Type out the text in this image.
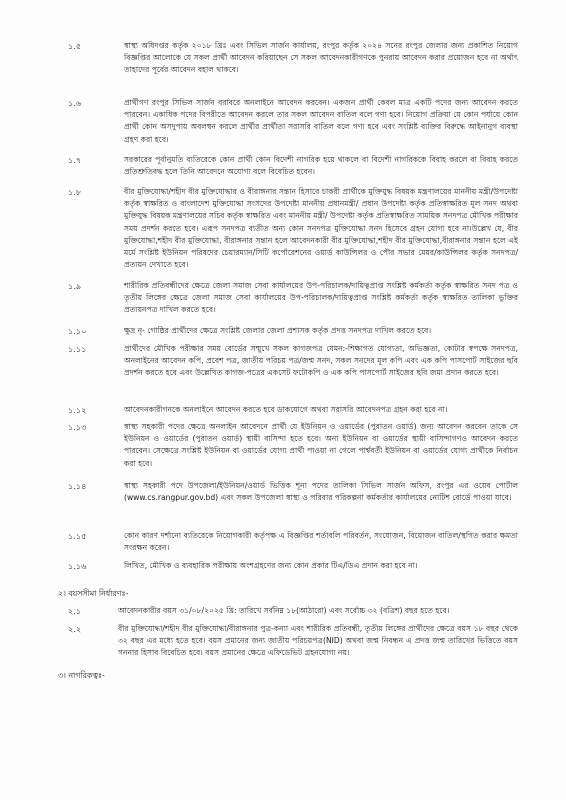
১.৫	স্বাস্থ্য অধিদপ্তর কর্তৃক ২০১৮ খ্রিঃ এবং সিভিল সার্জন কার্যালয়, রংপুর কর্তৃক ২০২৪ সনের রংপুর জেলার জন্য প্রকাশিত নিয়োগ বিজ্ঞপ্তির আলোকে যে সকল প্রার্থী আবেদন করিয়াছেন সে সকল আবেদনকারীগণকে পুনরায় আবেদন করার প্রয়োজন হবে না অর্থাৎ তাহাদের পূর্বের আবেদন বহাল থাকবে।
১.৬	প্রার্থীগণ রংপুর সিভিল সার্জন বরাবরে অনলাইনে আবেদন করবেন। একজন প্রার্থী কেবল মাত্র একটি পদের জন্য আবেদন করতে পারবেন। একাধিক পদের বিপরীতে আবেদন করলে তার সকল আবেদন বাতিল বলে গণ্য হবে। নিয়োগ প্রক্রিয়া যে কোন পর্যায়ে কোন প্রার্থী কোন অসদুপায় অবলম্বন করলে প্রার্থীর প্রার্থীতা সরাসরি বাতিল বলে গণ্য হবে এবং সংশ্লিষ্ট ব্যক্তির বিরুদ্ধে আইনানুগ ব্যবস্থা গ্রহণ করা হবে।
১.৭	সরকারের পূর্বানুমতি ব্যতিরেকে কোন প্রার্থী কোন বিদেশী নাগরিক হয়ে থাকলে বা বিদেশী নাগরিককে বিবাহ করলে বা বিবাহ করতে প্রতিশ্রুতিবদ্ধ হলে তিনি আবেদনে অযোগ্য বলে বিবেচিত হবেন।
১.৮	বীর মুক্তিযোদ্ধা/শহীদ বীর মুক্তিযোদ্ধার ও বীরাঙ্গনার সন্তান হিসাবে চাকরী প্রার্থীকে মুক্তিযুদ্ধ বিষয়ক মন্ত্রণালয়ের মাননীয় মন্ত্রী/উপদেষ্টা কর্তৃক স্বাক্ষরিত ও বাংলাদেশ মুক্তিযোদ্ধা সংসদের উপদেষ্টা মাননীয় প্রধানমন্ত্রী/ প্রধান উপদেষ্টা কর্তৃক প্রতিস্বাক্ষরিত মূল সনদ অথবা মুক্তিযুদ্ধ বিষয়ক মন্ত্রণালয়ের সচিব কর্তৃক স্বাক্ষরিত এবং মাননীয় মন্ত্রী/ উপদেষ্টা কর্তৃক প্রতিস্বাক্ষরিত সাময়িক সনদপত্র মৌখিক পরীক্ষার সময় প্রদর্শন করতে হবে। এরূপ সনদপত্র ব্যতীত অন্য কোন সনদপত্র মুক্তিযোদ্ধা সনদ হিসেবে গ্রহন যোগ্য হবে না।উল্লেখ যে, বীর মুক্তিযোদ্ধা,শহীদ বীর মুক্তিযোদ্ধা, বীরাঙ্গনার সন্তান হলে আবেদনকারী বীর মুক্তিযোদ্ধা,শহীদ বীর মুক্তিযোদ্ধা,বীরাঙ্গনার সন্তান হলে এই মর্মে সংশ্লিষ্ট ইউনিয়ন পরিষদের চেয়ারম্যান/সিটি কর্পোরেশনের ওয়ার্ড কাউন্সিলর ও পৌর সভার মেয়র/কাউন্সিলর কর্তৃক সনদপত্র/প্রত্যয়ন দেখাতে হবে।
১.৯	শারীরিক প্রতিবন্ধীদের ক্ষেত্রে জেলা সমাজ সেবা কার্যালয়ের উপ-পরিচালক/দায়িত্বপ্রাপ্ত সংশ্লিষ্ট কর্মকর্তা কর্তৃক স্বাক্ষরিত সনদ পত্র ও তৃতীয় লিঙ্গের ক্ষেত্রে জেলা সমাজ সেবা কার্যালয়ের উপ-পরিচালক/দায়িত্বপ্রাপ্ত সংশ্লিষ্ট কর্মকর্তা কর্তৃক স্বাক্ষরিত তালিকা ভুক্তির প্রত্যয়নপত্র দাখিল করতে হবে।
১.১০	ক্ষুদ্র নৃ- গোষ্ঠির প্রার্থীদের ক্ষেত্রে সংশ্লিষ্ট জেলার জেলা প্রশাসক কর্তৃক প্রদত্ত সনদপত্র দাখিল করতে হবে।
১.১১	প্রার্থীদের মৌখিক পরীক্ষার সময় বোর্ডের সম্মুখে সকল কাগজপত্র যেমন:-শিক্ষাগত যোগ্যতা, অভিজ্ঞতা, কোটার স্বপক্ষে সনদপত্র, অনলাইনের আবেদন কপি, প্রবেশ পত্র, জাতীয় পরিচয় পত্র/জন্ম সনদ, সকল সনদের মূল কপি এবং এক কপি পাসপোর্ট সাইজের ছবি প্রদর্শন করতে হবে এবং উল্লেখিত কাগজ-পত্রের একসেট ফটোকপি ও এক কপি পাসপোর্ট সাইজের ছবি জমা প্রদান করতে হবে।
১.১২	আবেদনকারীগনকে অনলাইনে আবেদন করতে হবে ডাকযোগে অথবা সরাসরি আবেদনপত্র গ্রহন করা হবে না।
১.১৩	স্বাস্থ্য সহকারী পদের ক্ষেত্রে অনলাইন আবেদনে প্রার্থী যে ইউনিয়ন ও ওয়ার্ডের (পুরাতন ওয়ার্ড) জন্য আবেদন করবেন তাকে সে ইউনিয়ন ও ওয়ার্ডের (পুরাতন ওয়ার্ড) স্থায়ী বাসিন্দা হতে হবে। অন্য ইউনিয়ন বা ওয়ার্ডের স্থায়ী বাসিন্দাগণও আবেদন করতে পারবেন। সেক্ষেত্রে সংশ্লিষ্ট ইউনিয়ন বা ওয়ার্ডের যোগ্য প্রার্থী পাওয়া না গেলে পার্শ্ববর্তী ইউনিয়ন বা ওয়ার্ডের যোগ্য প্রার্থীকে নির্বাচন করা হবে।
১.১৪	স্বাস্থ্য সহকারী পদে উপজেলা/ইউনিয়ন/ওয়ার্ড ভিত্তিক শূন্য পদের তালিকা সিভিল সার্জন অফিস, রংপুর এর ওয়েব পোর্টাল (www.cs.rangpur.gov.bd) এবং সকল উপজেলা স্বাস্থ্য ও পরিবার পরিকল্পনা কর্মকর্তার কার্যালয়ের নোটিশ বোর্ডে পাওয়া যাবে।
১.১৫	কোন কারণ দর্শানো ব্যতিরেকে নিয়োগকারী কর্তৃপক্ষ এ বিজ্ঞপ্তির শর্তাবলি পরিবর্তন, সংযোজন, বিয়োজন বাতিল/স্থগিত করার ক্ষমতা সংরক্ষন করেন।
১.১৬	লিখিত, মৌখিক ও ব্যবহারিক পরীক্ষায় অংশগ্রহণের জন্য কোন প্রকার টিএ/ডিএ প্রদান করা হবে না।
২। বয়সসীমা নির্ধারণঃ-
২.১	আবেদনকারীর বয়স ৩১/০৮/২০২৫ খ্রি: তারিখে সর্বনিম্ন ১৮(আঠারো) এবং সর্বোচ্চ ৩২ (বত্রিশ) বছর হতে হবে।
২.২	বীর মুক্তিযোদ্ধা/শহীদ বীর মুক্তিযোদ্ধা/বীরাঙ্গনার পুত্র-কন্যা এবং শারীরিক প্রতিবন্ধী, তৃতীয় লিঙ্গের প্রার্থীদের ক্ষেত্রে বয়স ১৮ বছর থেকে ৩২ বছর এর মধ্যে হতে হবে। বয়স প্রমানের জন্য জাতীয় পরিচয়পত্র(NID) অথবা জন্ম নিবন্ধন এ প্রদত্ত জন্ম তারিখের ভিত্তিতে বয়স গননার হিসাব বিবেচিত হবে। বয়স প্রমানের ক্ষেত্রে এফিডেভিট গ্রহনযোগ্য নয়।
৩। নাগরিকত্বঃ-
